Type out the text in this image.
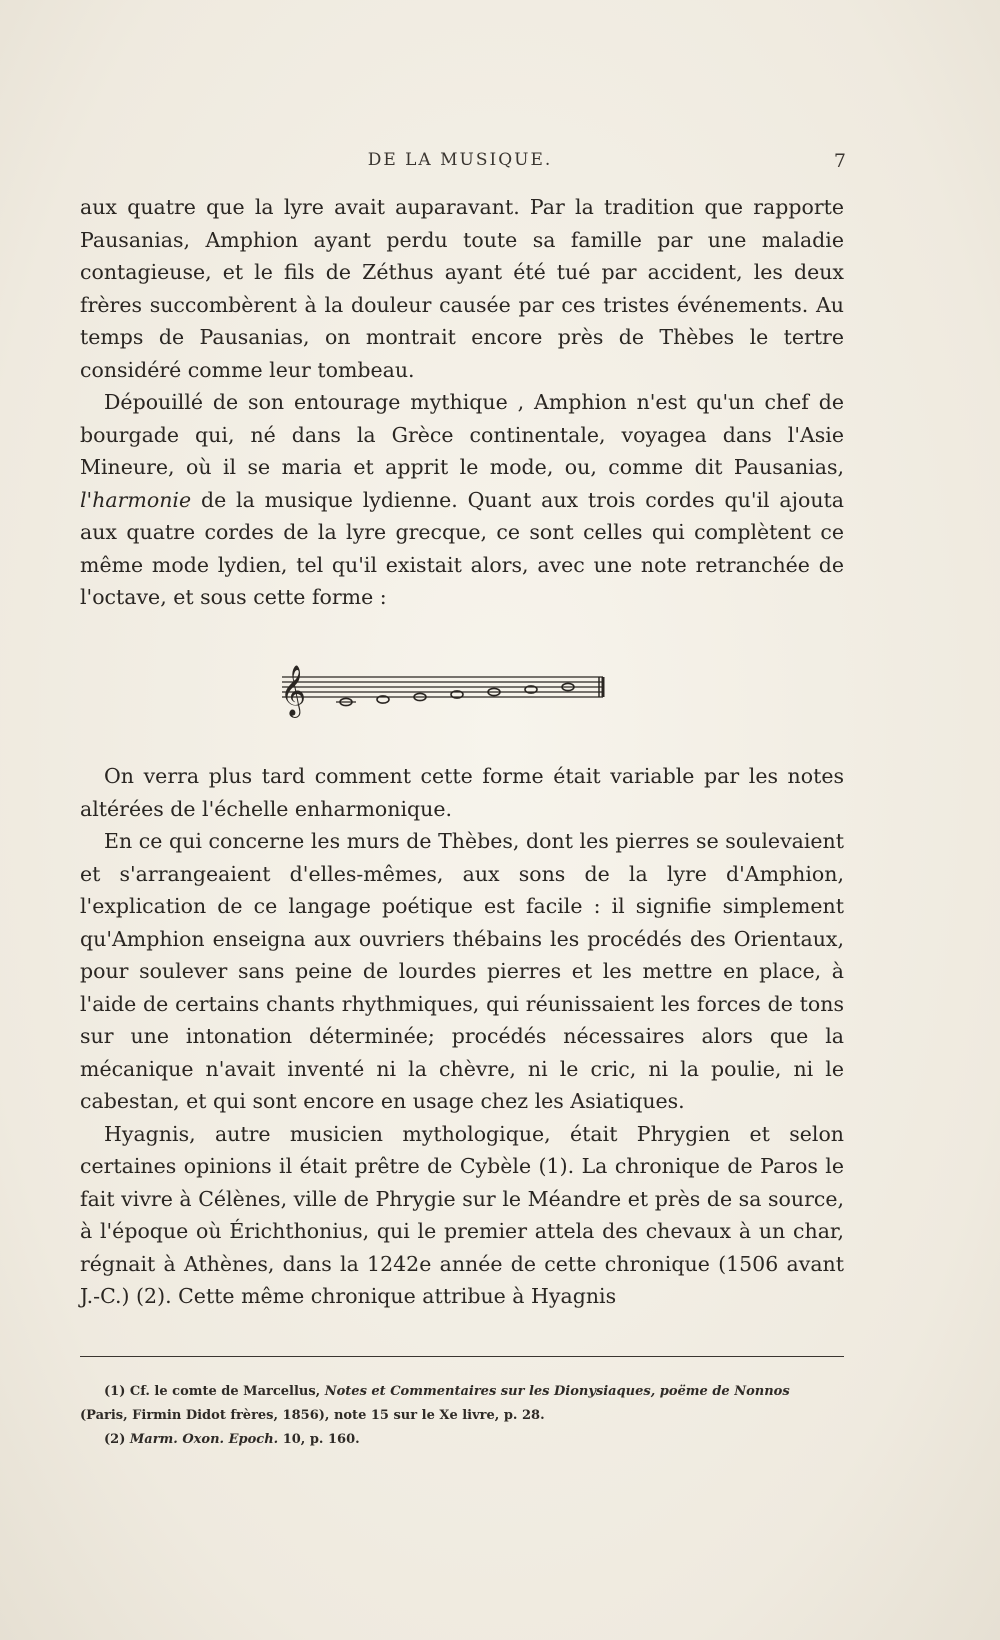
DE LA MUSIQUE.	7

aux quatre que la lyre avait auparavant. Par la tradition que rapporte Pausanias, Amphion ayant perdu toute sa famille par une maladie contagieuse, et le fils de Zéthus ayant été tué par accident, les deux frères succombèrent à la douleur causée par ces tristes événements. Au temps de Pausanias, on montrait encore près de Thèbes le tertre considéré comme leur tombeau.

Dépouillé de son entourage mythique , Amphion n'est qu'un chef de bourgade qui, né dans la Grèce continentale, voyagea dans l'Asie Mineure, où il se maria et apprit le mode, ou, comme dit Pausanias, l'harmonie de la musique lydienne. Quant aux trois cordes qu'il ajouta aux quatre cordes de la lyre grecque, ce sont celles qui complètent ce même mode lydien, tel qu'il existait alors, avec une note retranchée de l'octave, et sous cette forme :

𝄞

On verra plus tard comment cette forme était variable par les notes altérées de l'échelle enharmonique.

En ce qui concerne les murs de Thèbes, dont les pierres se soulevaient et s'arrangeaient d'elles-mêmes, aux sons de la lyre d'Amphion, l'explication de ce langage poétique est facile : il signifie simplement qu'Amphion enseigna aux ouvriers thébains les procédés des Orientaux, pour soulever sans peine de lourdes pierres et les mettre en place, à l'aide de certains chants rhythmiques, qui réunissaient les forces de tons sur une intonation déterminée; procédés nécessaires alors que la mécanique n'avait inventé ni la chèvre, ni le cric, ni la poulie, ni le cabestan, et qui sont encore en usage chez les Asiatiques.

Hyagnis, autre musicien mythologique, était Phrygien et selon certaines opinions il était prêtre de Cybèle (1). La chronique de Paros le fait vivre à Célènes, ville de Phrygie sur le Méandre et près de sa source, à l'époque où Érichthonius, qui le premier attela des chevaux à un char, régnait à Athènes, dans la 1242e année de cette chronique (1506 avant J.-C.) (2). Cette même chronique attribue à Hyagnis

(1) Cf. le comte de Marcellus, Notes et Commentaires sur les Dionysiaques, poëme de Nonnos

(Paris, Firmin Didot frères, 1856), note 15 sur le Xe livre, p. 28.

(2) Marm. Oxon. Epoch. 10, p. 160.
